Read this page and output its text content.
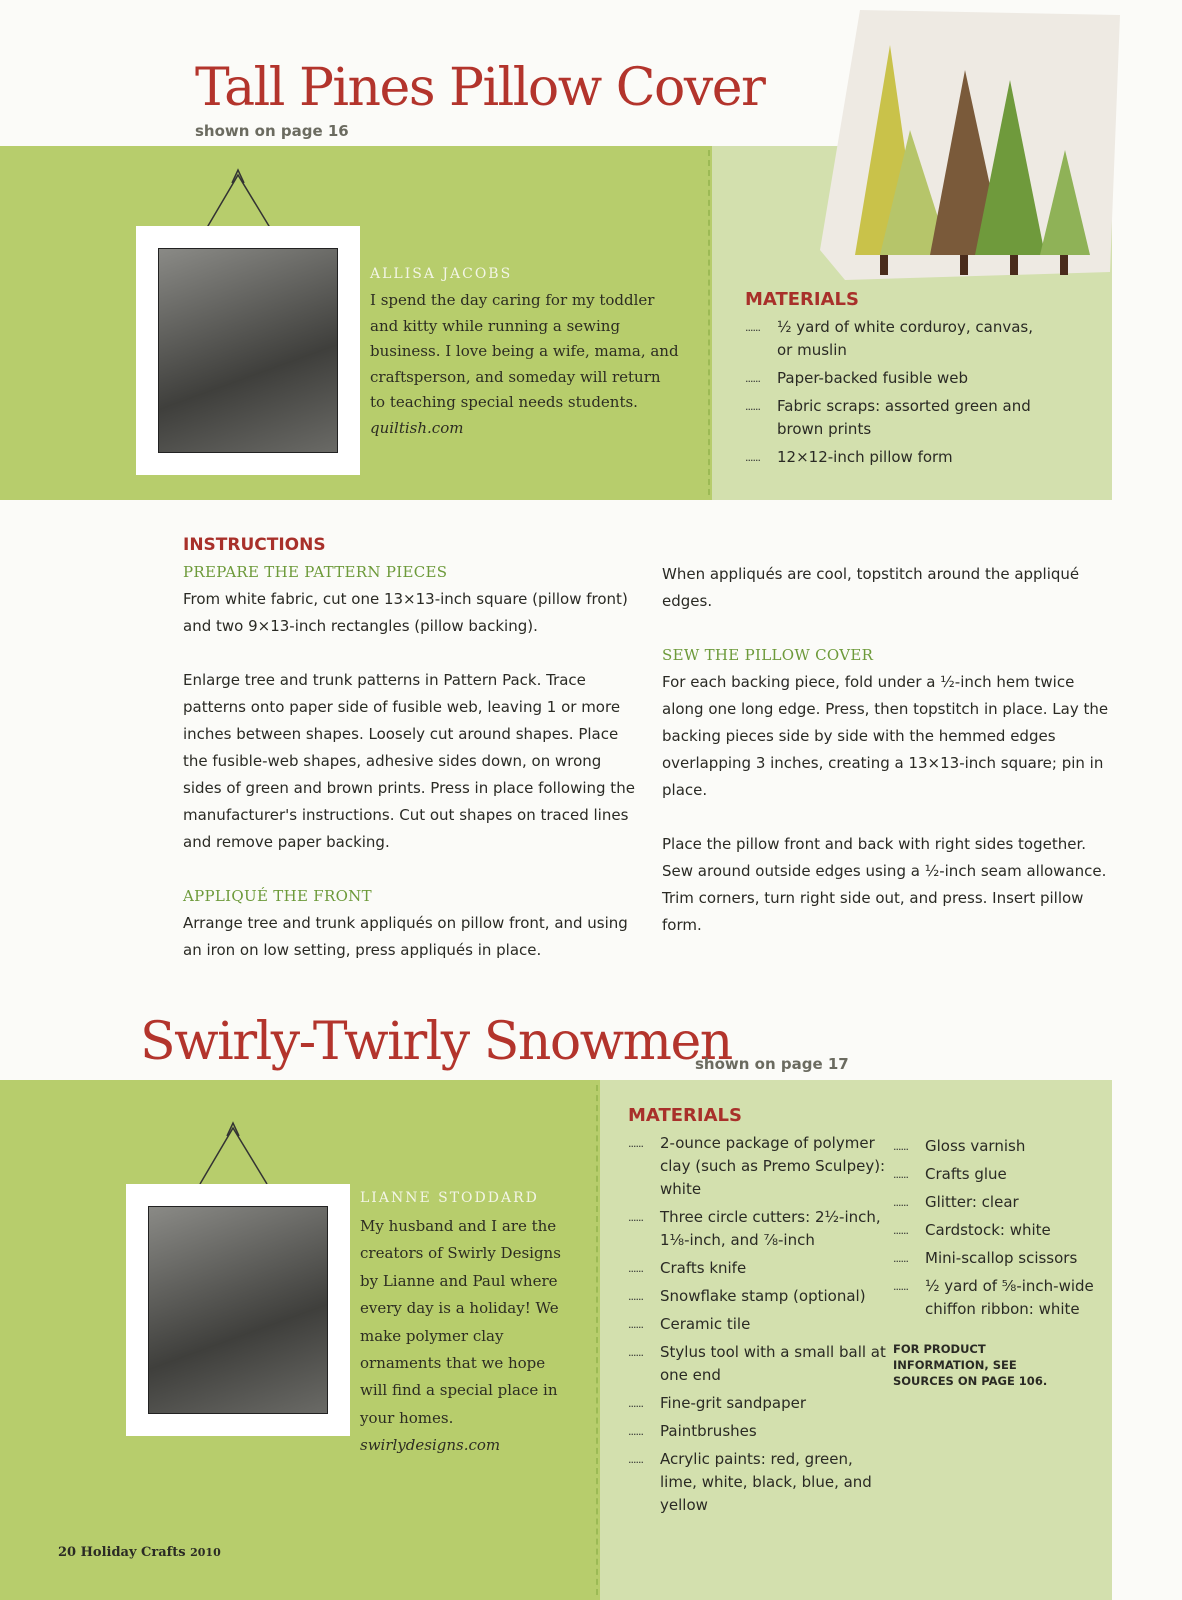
Tall Pines Pillow Cover
shown on page 16
ALLISA JACOBS
I spend the day caring for my toddler and kitty while running a sewing business. I love being a wife, mama, and craftsperson, and someday will return to teaching special needs students. quiltish.com
MATERIALS
...... ½ yard of white corduroy, canvas, or muslin
...... Paper-backed fusible web
...... Fabric scraps: assorted green and brown prints
...... 12×12-inch pillow form
INSTRUCTIONS
PREPARE THE PATTERN PIECES

From white fabric, cut one 13×13-inch square (pillow front) and two 9×13-inch rectangles (pillow backing).

Enlarge tree and trunk patterns in Pattern Pack. Trace patterns onto paper side of fusible web, leaving 1 or more inches between shapes. Loosely cut around shapes. Place the fusible-web shapes, adhesive sides down, on wrong sides of green and brown prints. Press in place following the manufacturer's instructions. Cut out shapes on traced lines and remove paper backing.

APPLIQUÉ THE FRONT

Arrange tree and trunk appliqués on pillow front, and using an iron on low setting, press appliqués in place.

When appliqués are cool, topstitch around the appliqué edges.

SEW THE PILLOW COVER

For each backing piece, fold under a ½-inch hem twice along one long edge. Press, then topstitch in place. Lay the backing pieces side by side with the hemmed edges overlapping 3 inches, creating a 13×13-inch square; pin in place.

Place the pillow front and back with right sides together. Sew around outside edges using a ½-inch seam allowance. Trim corners, turn right side out, and press. Insert pillow form.

Swirly-Twirly Snowmen
shown on page 17
LIANNE STODDARD
My husband and I are the creators of Swirly Designs by Lianne and Paul where every day is a holiday! We make polymer clay ornaments that we hope will find a special place in your homes. swirlydesigns.com
MATERIALS
...... 2-ounce package of polymer clay (such as Premo Sculpey): white
...... Three circle cutters: 2½-inch, 1⅛-inch, and ⅞-inch
...... Crafts knife
...... Snowflake stamp (optional)
...... Ceramic tile
...... Stylus tool with a small ball at one end
...... Fine-grit sandpaper
...... Paintbrushes
...... Acrylic paints: red, green, lime, white, black, blue, and yellow
...... Gloss varnish
...... Crafts glue
...... Glitter: clear
...... Cardstock: white
...... Mini-scallop scissors
...... ½ yard of ⅝-inch-wide chiffon ribbon: white
FOR PRODUCT INFORMATION, SEE SOURCES ON PAGE 106.
20 Holiday Crafts 2010
